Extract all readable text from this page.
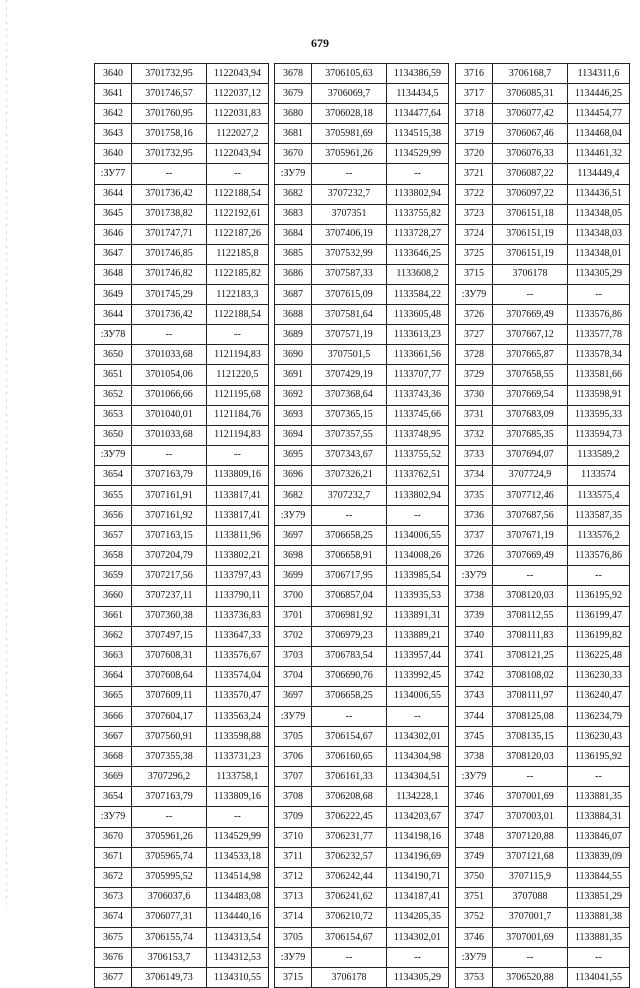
679
3640	3701732,95	1122043,94
3641	3701746,57	1122037,12
3642	3701760,95	1122031,83
3643	3701758,16	1122027,2
3640	3701732,95	1122043,94
:ЗУ77	--	--
3644	3701736,42	1122188,54
3645	3701738,82	1122192,61
3646	3701747,71	1122187,26
3647	3701746,85	1122185,8
3648	3701746,82	1122185,82
3649	3701745,29	1122183,3
3644	3701736,42	1122188,54
:ЗУ78	--	--
3650	3701033,68	1121194,83
3651	3701054,06	1121220,5
3652	3701066,66	1121195,68
3653	3701040,01	1121184,76
3650	3701033,68	1121194,83
:ЗУ79	--	--
3654	3707163,79	1133809,16
3655	3707161,91	1133817,41
3656	3707161,92	1133817,41
3657	3707163,15	1133811,96
3658	3707204,79	1133802,21
3659	3707217,56	1133797,43
3660	3707237,11	1133790,11
3661	3707360,38	1133736,83
3662	3707497,15	1133647,33
3663	3707608,31	1133576,67
3664	3707608,64	1133574,04
3665	3707609,11	1133570,47
3666	3707604,17	1133563,24
3667	3707560,91	1133598,88
3668	3707355,38	1133731,23
3669	3707296,2	1133758,1
3654	3707163,79	1133809,16
:ЗУ79	--	--
3670	3705961,26	1134529,99
3671	3705965,74	1134533,18
3672	3705995,52	1134514,98
3673	3706037,6	1134483,08
3674	3706077,31	1134440,16
3675	3706155,74	1134313,54
3676	3706153,7	1134312,53
3677	3706149,73	1134310,55
3678	3706105,63	1134386,59
3679	3706069,7	1134434,5
3680	3706028,18	1134477,64
3681	3705981,69	1134515,38
3670	3705961,26	1134529,99
:ЗУ79	--	--
3682	3707232,7	1133802,94
3683	3707351	1133755,82
3684	3707406,19	1133728,27
3685	3707532,99	1133646,25
3686	3707587,33	1133608,2
3687	3707615,09	1133584,22
3688	3707581,64	1133605,48
3689	3707571,19	1133613,23
3690	3707501,5	1133661,56
3691	3707429,19	1133707,77
3692	3707368,64	1133743,36
3693	3707365,15	1133745,66
3694	3707357,55	1133748,95
3695	3707343,67	1133755,52
3696	3707326,21	1133762,51
3682	3707232,7	1133802,94
:ЗУ79	--	--
3697	3706658,25	1134006,55
3698	3706658,91	1134008,26
3699	3706717,95	1133985,54
3700	3706857,04	1133935,53
3701	3706981,92	1133891,31
3702	3706979,23	1133889,21
3703	3706783,54	1133957,44
3704	3706690,76	1133992,45
3697	3706658,25	1134006,55
:ЗУ79	--	--
3705	3706154,67	1134302,01
3706	3706160,65	1134304,98
3707	3706161,33	1134304,51
3708	3706208,68	1134228,1
3709	3706222,45	1134203,67
3710	3706231,77	1134198,16
3711	3706232,57	1134196,69
3712	3706242,44	1134190,71
3713	3706241,62	1134187,41
3714	3706210,72	1134205,35
3705	3706154,67	1134302,01
:ЗУ79	--	--
3715	3706178	1134305,29
3716	3706168,7	1134311,6
3717	3706085,31	1134446,25
3718	3706077,42	1134454,77
3719	3706067,46	1134468,04
3720	3706076,33	1134461,32
3721	3706087,22	1134449,4
3722	3706097,22	1134436,51
3723	3706151,18	1134348,05
3724	3706151,19	1134348,03
3725	3706151,19	1134348,01
3715	3706178	1134305,29
:ЗУ79	--	--
3726	3707669,49	1133576,86
3727	3707667,12	1133577,78
3728	3707665,87	1133578,34
3729	3707658,55	1133581,66
3730	3707669,54	1133598,91
3731	3707683,09	1133595,33
3732	3707685,35	1133594,73
3733	3707694,07	1133589,2
3734	3707724,9	1133574
3735	3707712,46	1133575,4
3736	3707687,56	1133587,35
3737	3707671,19	1133576,2
3726	3707669,49	1133576,86
:ЗУ79	--	--
3738	3708120,03	1136195,92
3739	3708112,55	1136199,47
3740	3708111,83	1136199,82
3741	3708121,25	1136225,48
3742	3708108,02	1136230,33
3743	3708111,97	1136240,47
3744	3708125,08	1136234,79
3745	3708135,15	1136230,43
3738	3708120,03	1136195,92
:ЗУ79	--	--
3746	3707001,69	1133881,35
3747	3707003,01	1133884,31
3748	3707120,88	1133846,07
3749	3707121,68	1133839,09
3750	3707115,9	1133844,55
3751	3707088	1133851,29
3752	3707001,7	1133881,38
3746	3707001,69	1133881,35
:ЗУ79	--	--
3753	3706520,88	1134041,55
